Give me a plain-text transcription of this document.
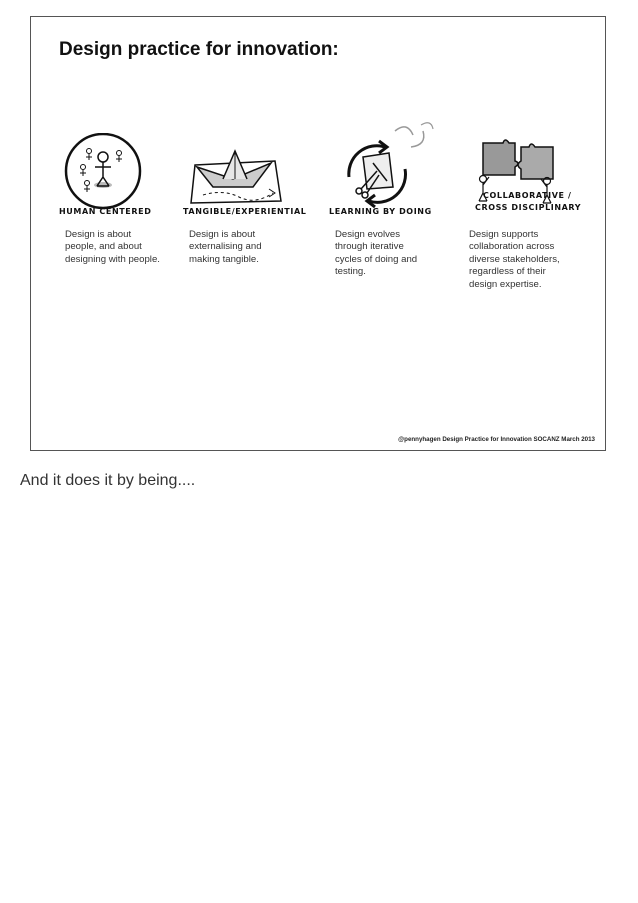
Design practice for innovation:
HUMAN CENTERED
Design is about people, and about designing with people.
TANGIBLE/EXPERIENTIAL
Design is about externalising and making tangible.
LEARNING BY DOING
Design evolves through iterative cycles of doing and testing.
COLLABORATIVE /
CROSS DISCIPLINARY
Design supports collaboration across diverse stakeholders, regardless of their design expertise.
@pennyhagen Design Practice for Innovation SOCANZ March 2013
And it does it by being....
